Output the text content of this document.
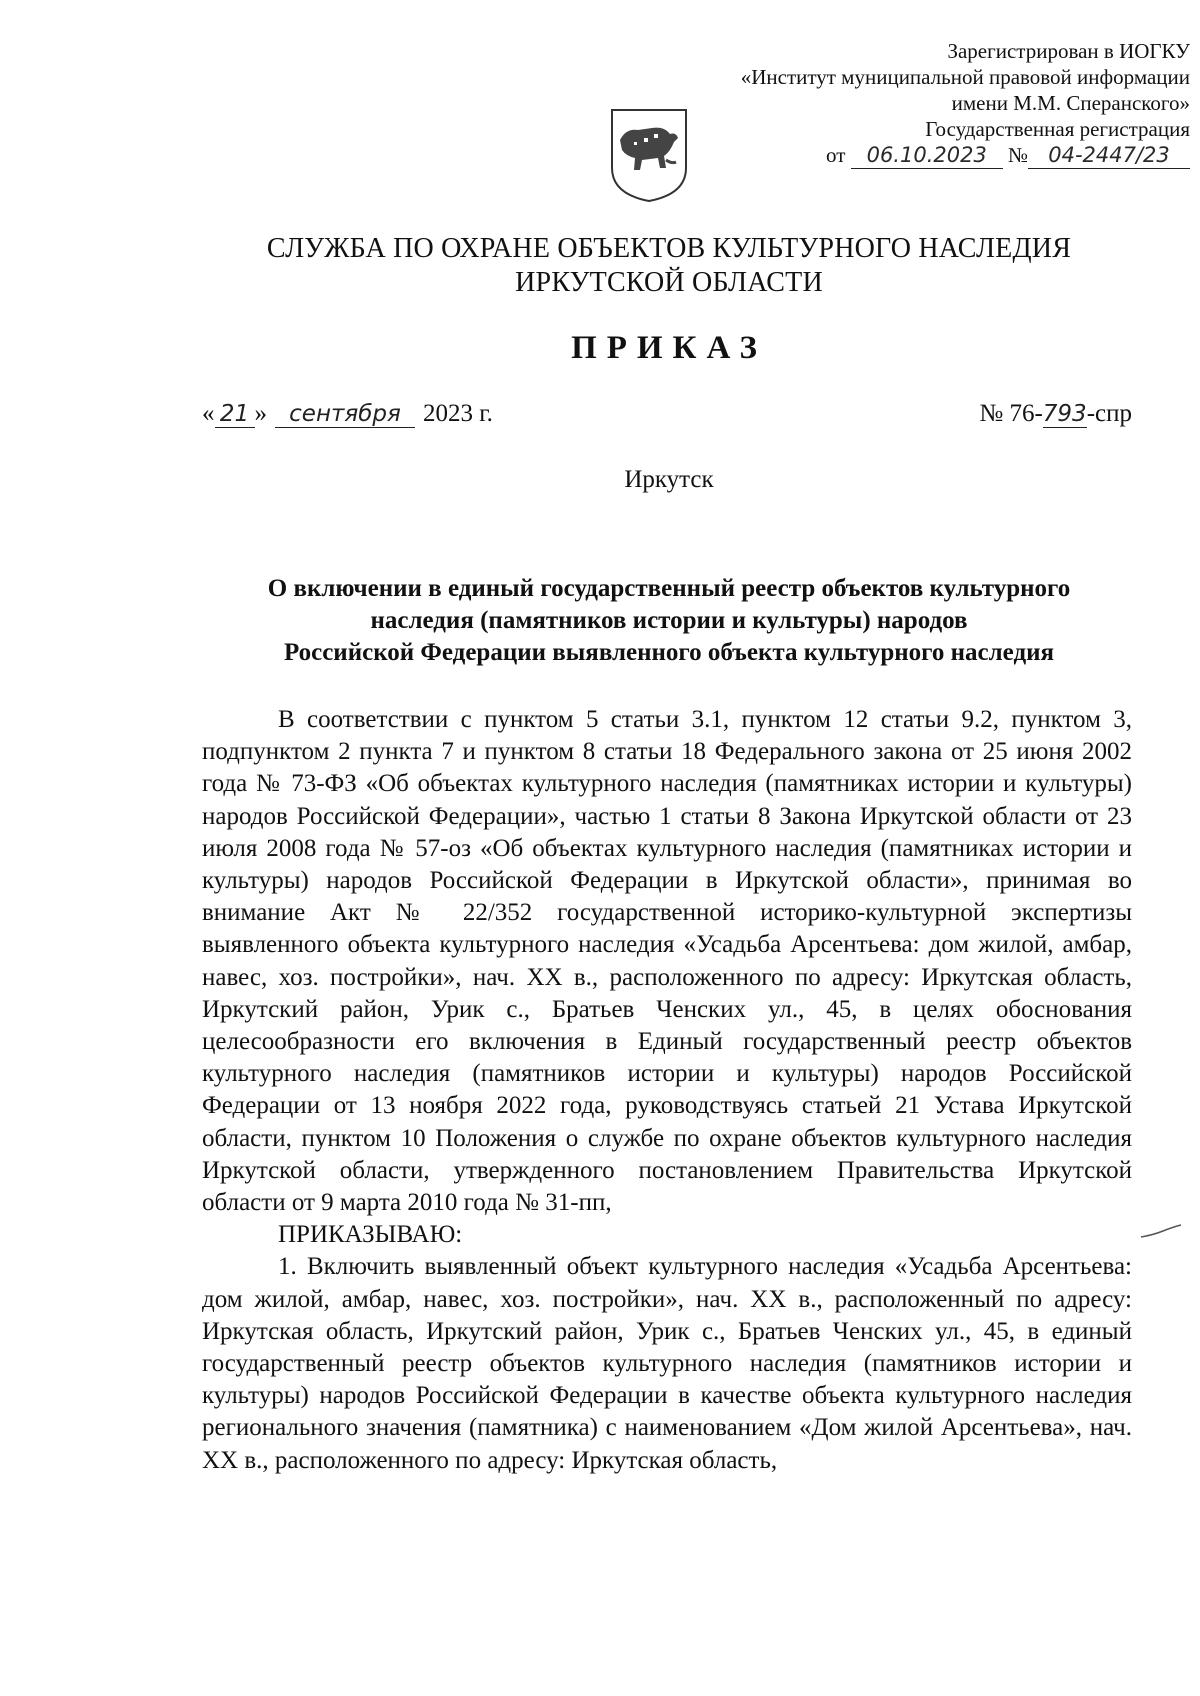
Зарегистрирован в ИОГКУ
«Институт муниципальной правовой информации
имени М.М. Сперанского»
Государственная регистрация
от 06.10.2023 № 04-2447/23
СЛУЖБА ПО ОХРАНЕ ОБЪЕКТОВ КУЛЬТУРНОГО НАСЛЕДИЯ
ИРКУТСКОЙ ОБЛАСТИ
ПРИКАЗ
« 21 » сентября 2023 г.	№ 76-793-спр
Иркутск
О включении в единый государственный реестр объектов культурного
наследия (памятников истории и культуры) народов
Российской Федерации выявленного объекта культурного наследия

В соответствии с пунктом 5 статьи 3.1, пунктом 12 статьи 9.2, пунктом 3, подпунктом 2 пункта 7 и пунктом 8 статьи 18 Федерального закона от 25 июня 2002 года № 73-ФЗ «Об объектах культурного наследия (памятниках истории и культуры) народов Российской Федерации», частью 1 статьи 8 Закона Иркутской области от 23 июля 2008 года № 57-оз «Об объектах культурного наследия (памятниках истории и культуры) народов Российской Федерации в Иркутской области», принимая во внимание Акт № 22/352 государственной историко-культурной экспертизы выявленного объекта культурного наследия «Усадьба Арсентьева: дом жилой, амбар, навес, хоз. постройки», нач. XX в., расположенного по адресу: Иркутская область, Иркутский район, Урик с., Братьев Ченских ул., 45, в целях обоснования целесообразности его включения в Единый государственный реестр объектов культурного наследия (памятников истории и культуры) народов Российской Федерации от 13 ноября 2022 года, руководствуясь статьей 21 Устава Иркутской области, пунктом 10 Положения о службе по охране объектов культурного наследия Иркутской области, утвержденного постановлением Правительства Иркутской области от 9 марта 2010 года № 31-пп,

ПРИКАЗЫВАЮ:

1. Включить выявленный объект культурного наследия «Усадьба Арсентьева: дом жилой, амбар, навес, хоз. постройки», нач. XX в., расположенный по адресу: Иркутская область, Иркутский район, Урик с., Братьев Ченских ул., 45, в единый государственный реестр объектов культурного наследия (памятников истории и культуры) народов Российской Федерации в качестве объекта культурного наследия регионального значения (памятника) с наименованием «Дом жилой Арсентьева», нач. XX в., расположенного по адресу: Иркутская область,
